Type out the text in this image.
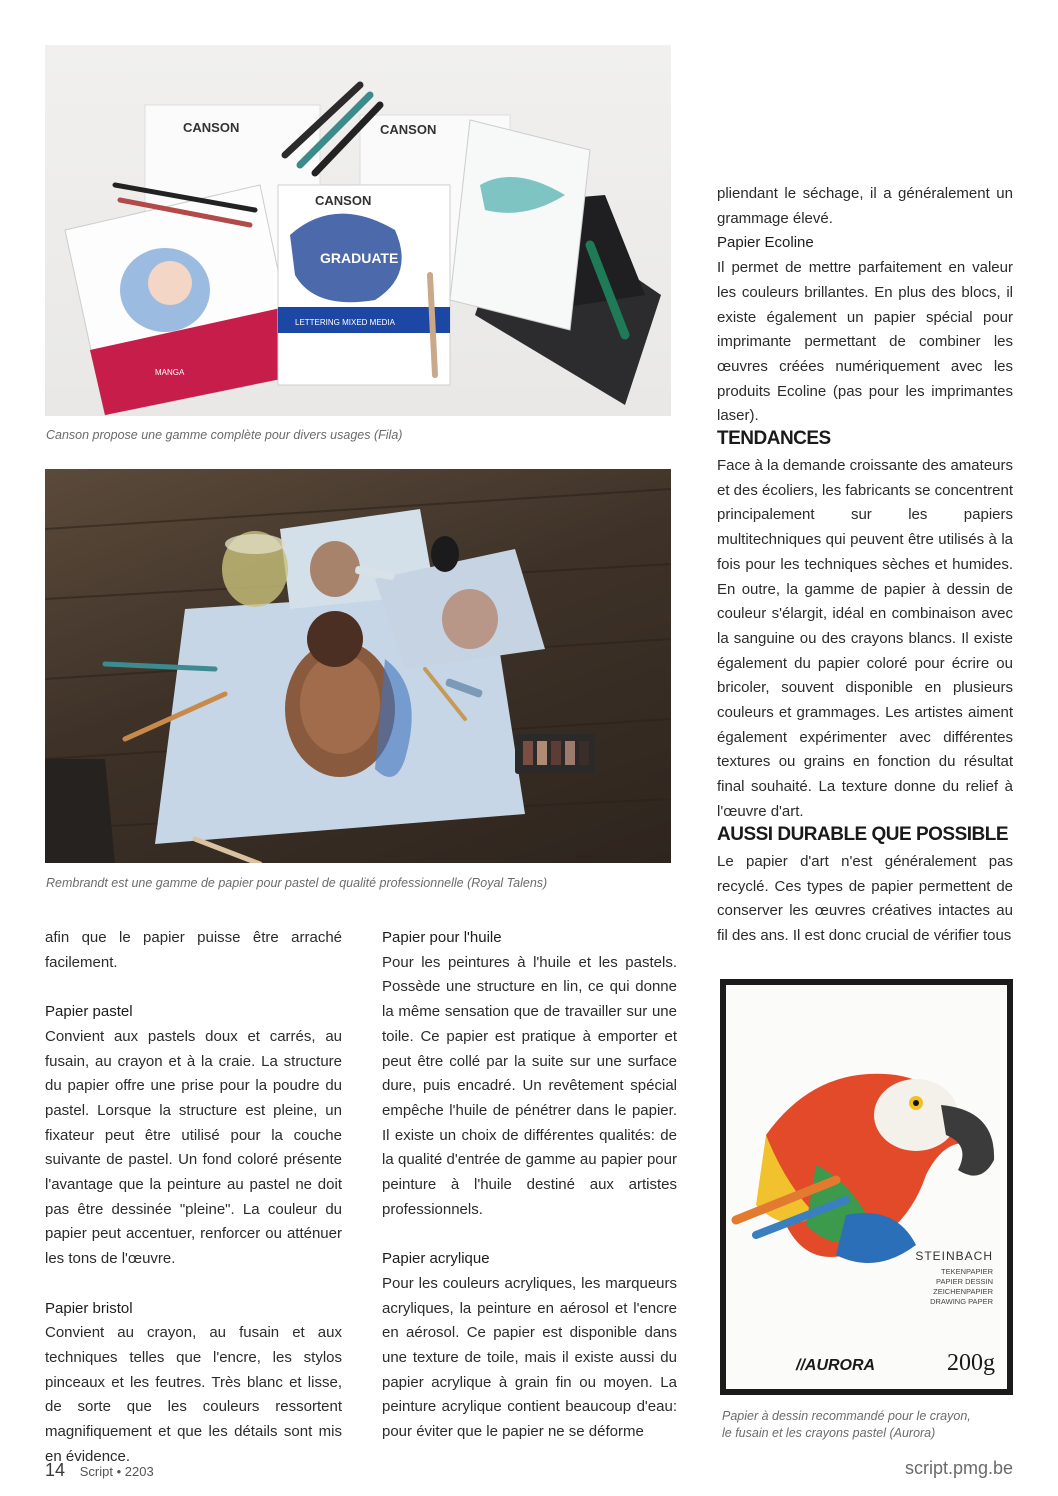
CANSON	CANSON
CANSON
GRADUATE
LETTERING MIXED MEDIA
MANGA
Canson propose une gamme complète pour divers usages (Fila)
Rembrandt est une gamme de papier pour pastel de qualité professionnelle (Royal Talens)
STEINBACH
TEKENPAPIER
PAPIER DESSIN
ZEICHENPAPIER
DRAWING PAPER
//AURORA	200g
Papier à dessin recommandé pour le crayon,
le fusain et les crayons pastel (Aurora)

afin que le papier puisse être arraché facilement.

Papier pastel

Convient aux pastels doux et carrés, au fusain, au crayon et à la craie. La structure du papier offre une prise pour la poudre du pastel. Lorsque la structure est pleine, un fixateur peut être utilisé pour la couche suivante de pastel. Un fond coloré présente l'avantage que la peinture au pastel ne doit pas être dessinée "pleine". La couleur du papier peut accentuer, renforcer ou atténuer les tons de l'œuvre.

Papier bristol

Convient au crayon, au fusain et aux techniques telles que l'encre, les stylos pinceaux et les feutres. Très blanc et lisse, de sorte que les couleurs ressortent magnifiquement et que les détails sont mis en évidence.

Papier pour l'huile

Pour les peintures à l'huile et les pastels. Possède une structure en lin, ce qui donne la même sensation que de travailler sur une toile. Ce papier est pratique à emporter et peut être collé par la suite sur une surface dure, puis encadré. Un revêtement spécial empêche l'huile de pénétrer dans le papier. Il existe un choix de différentes qualités: de la qualité d'entrée de gamme au papier pour peinture à l'huile destiné aux artistes professionnels.

Papier acrylique

Pour les couleurs acryliques, les marqueurs acryliques, la peinture en aérosol et l'encre en aérosol. Ce papier est disponible dans une texture de toile, mais il existe aussi du papier acrylique à grain fin ou moyen. La peinture acrylique contient beaucoup d'eau: pour éviter que le papier ne se déforme

pliendant le séchage, il a généralement un grammage élevé.

Papier Ecoline

Il permet de mettre parfaitement en valeur les couleurs brillantes. En plus des blocs, il existe également un papier spécial pour imprimante permettant de combiner les œuvres créées numériquement avec les produits Ecoline (pas pour les imprimantes laser).

TENDANCES

Face à la demande croissante des amateurs et des écoliers, les fabricants se concentrent principalement sur les papiers multitechniques qui peuvent être utilisés à la fois pour les techniques sèches et humides. En outre, la gamme de papier à dessin de couleur s'élargit, idéal en combinaison avec la sanguine ou des crayons blancs. Il existe également du papier coloré pour écrire ou bricoler, souvent disponible en plusieurs couleurs et grammages. Les artistes aiment également expérimenter avec différentes textures ou grains en fonction du résultat final souhaité. La texture donne du relief à l'œuvre d'art.

AUSSI DURABLE QUE POSSIBLE

Le papier d'art n'est généralement pas recyclé. Ces types de papier permettent de conserver les œuvres créatives intactes au fil des ans. Il est donc crucial de vérifier tous

14 Script • 2203	script.pmg.be
